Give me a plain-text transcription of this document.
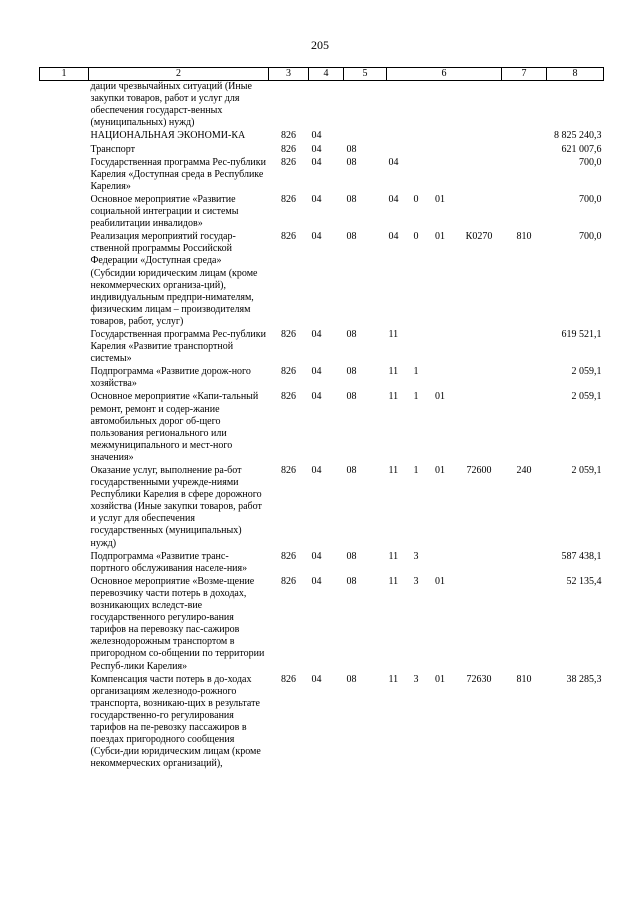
205
1	2	3	4	5	6				7	8
	дации чрезвычайных ситуаций (Иные закупки товаров, работ и услуг для обеспечения государст-венных (муниципальных) нужд)									
	НАЦИОНАЛЬНАЯ ЭКОНОМИ-КА	826	04							8 825 240,3
	Транспорт	826	04	08						621 007,6
	Государственная программа Рес-публики Карелия «Доступная среда в Республике Карелия»	826	04	08	04					700,0
	Основное мероприятие «Развитие социальной интеграции и системы реабилитации инвалидов»	826	04	08	04	0	01			700,0
	Реализация мероприятий государ-ственной программы Российской Федерации «Доступная среда» (Субсидии юридическим лицам (кроме некоммерческих организа-ций), индивидуальным предпри-нимателям, физическим лицам – производителям товаров, работ, услуг)	826	04	08	04	0	01	К0270	810	700,0
	Государственная программа Рес-публики Карелия «Развитие транспортной системы»	826	04	08	11					619 521,1
	Подпрограмма «Развитие дорож-ного хозяйства»	826	04	08	11	1				2 059,1
	Основное мероприятие «Капи-тальный ремонт, ремонт и содер-жание автомобильных дорог об-щего пользования регионального или межмуниципального и мест-ного значения»	826	04	08	11	1	01			2 059,1
	Оказание услуг, выполнение ра-бот государственными учрежде-ниями Республики Карелия в сфере дорожного хозяйства (Иные закупки товаров, работ и услуг для обеспечения государственных (муниципальных) нужд)	826	04	08	11	1	01	72600	240	2 059,1
	Подпрограмма «Развитие транс-портного обслуживания населе-ния»	826	04	08	11	3				587 438,1
	Основное мероприятие «Возме-щение перевозчику части потерь в доходах, возникающих вследст-вие государственного регулиро-вания тарифов на перевозку пас-сажиров железнодорожным транспортом в пригородном со-общении по территории Респуб-лики Карелия»	826	04	08	11	3	01			52 135,4
	Компенсация части потерь в до-ходах организациям железнодо-рожного транспорта, возникаю-щих в результате государственно-го регулирования тарифов на пе-ревозку пассажиров в поездах пригородного сообщения (Субси-дии юридическим лицам (кроме некоммерческих организаций),	826	04	08	11	3	01	72630	810	38 285,3
